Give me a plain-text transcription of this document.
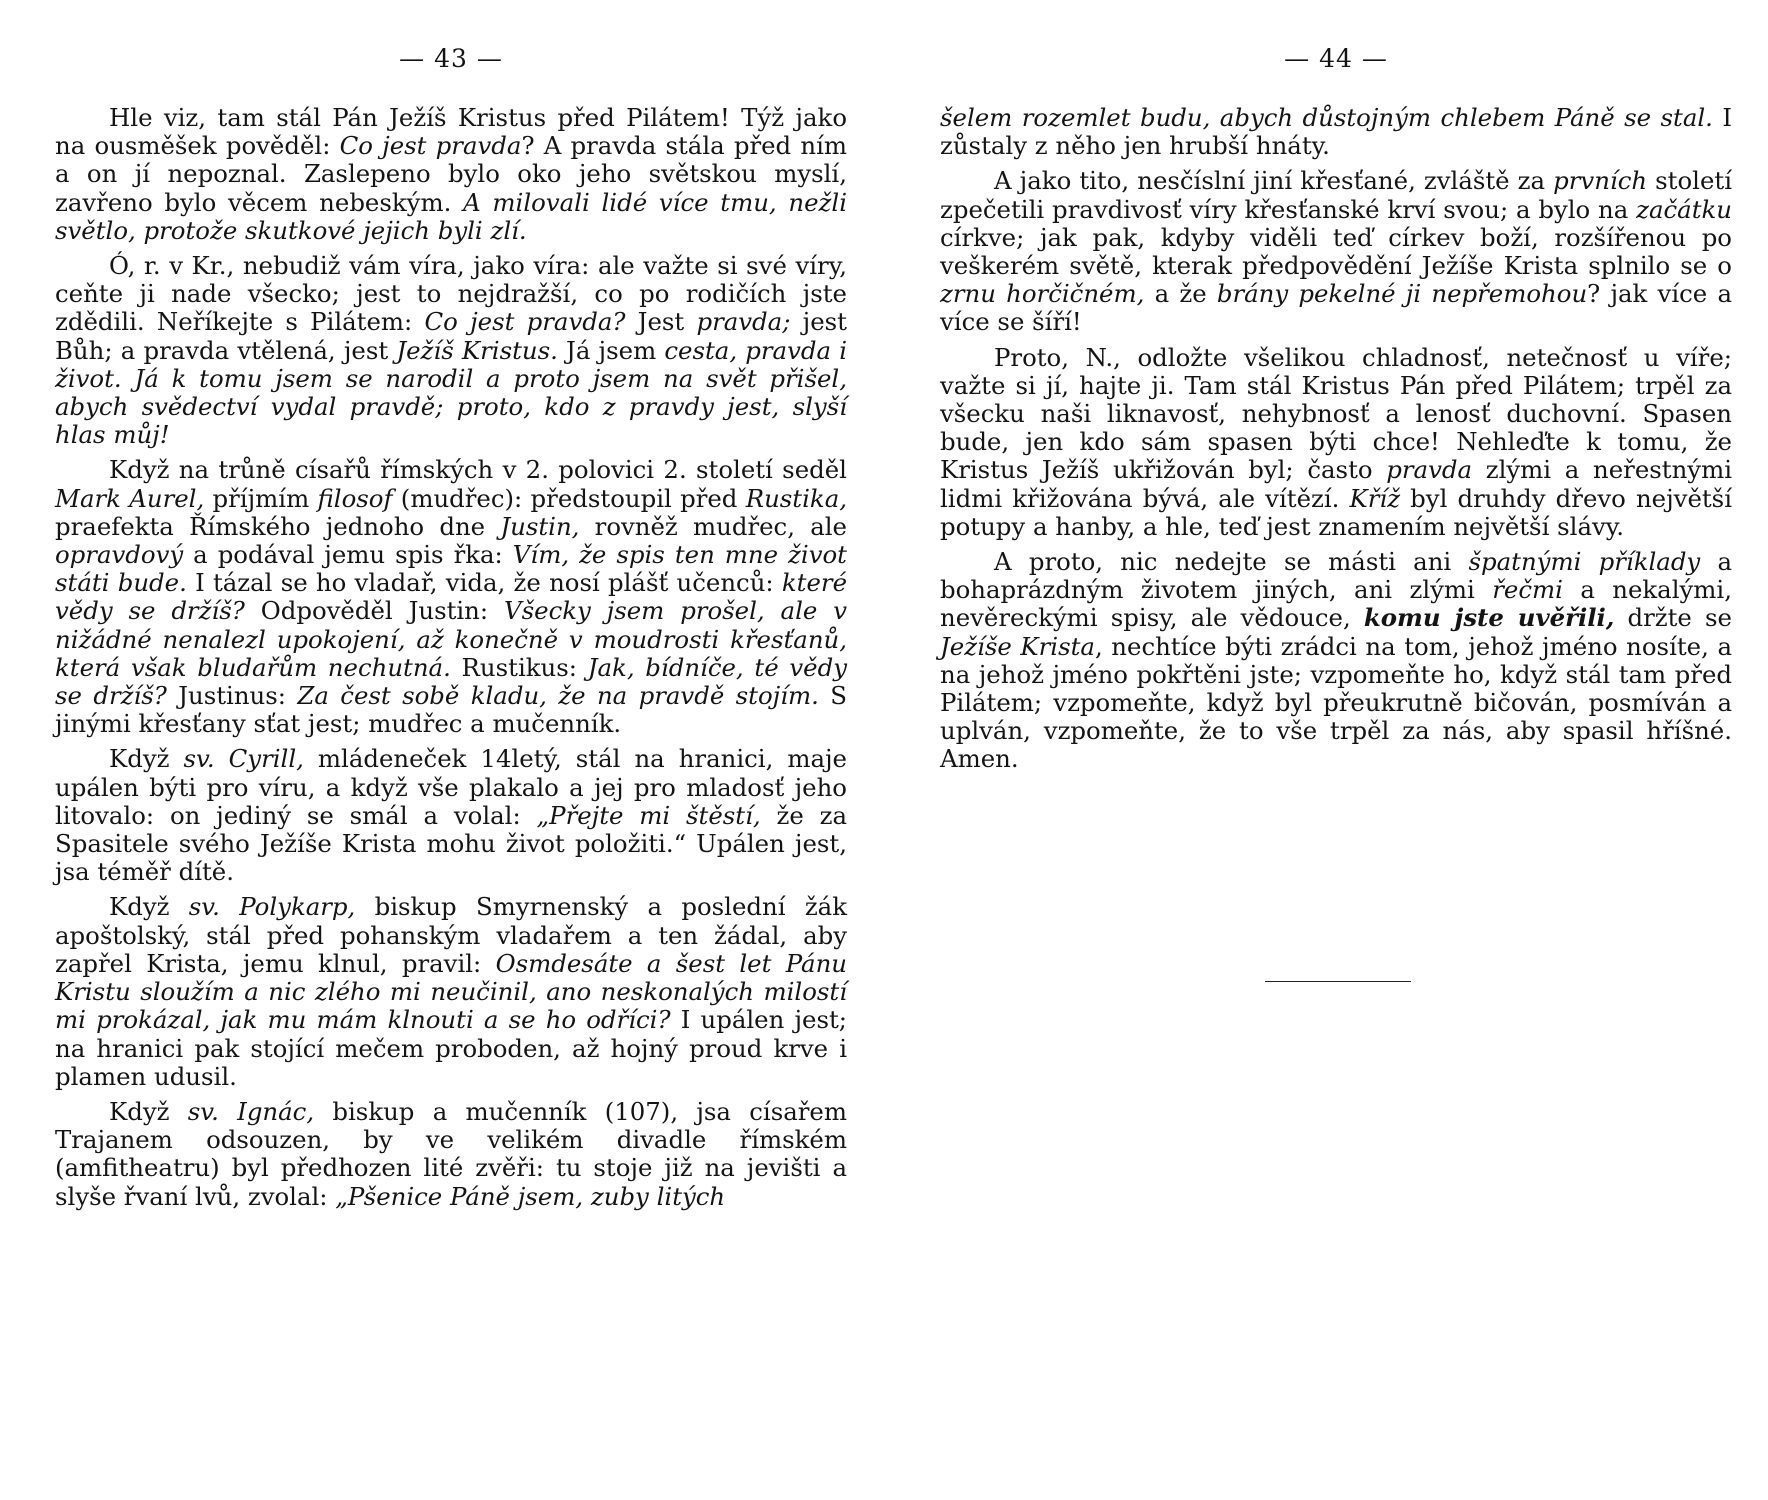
— 43 —

Hle viz, tam stál Pán Ježíš Kristus před Pilátem! Týž jako na ousměšek pověděl: Co jest pravda? A pravda stála před ním a on jí nepoznal. Zaslepeno bylo oko jeho světskou myslí, zavřeno bylo věcem nebeským. A milovali lidé více tmu, nežli světlo, protože skutkové jejich byli zlí.

Ó, r. v Kr., nebudiž vám víra, jako víra: ale važte si své víry, ceňte ji nade všecko; jest to nejdražší, co po rodičích jste zdědili. Neříkejte s Pilátem: Co jest pravda? Jest pravda; jest Bůh; a pravda vtělená, jest Ježíš Kristus. Já jsem cesta, pravda i život. Já k tomu jsem se narodil a proto jsem na svět přišel, abych svědectví vydal pravdě; proto, kdo z pravdy jest, slyší hlas můj!

Když na trůně císařů římských v 2. polovici 2. století seděl Mark Aurel, příjmím filosof (mudřec): předstoupil před Rustika, praefekta Římského jednoho dne Justin, rovněž mudřec, ale opravdový a podával jemu spis řka: Vím, že spis ten mne život státi bude. I tázal se ho vladař, vida, že nosí plášť učenců: které vědy se držíš? Odpověděl Justin: Všecky jsem prošel, ale v nižádné nenalezl upokojení, až konečně v moudrosti křesťanů, která však bludařům nechutná. Rustikus: Jak, bídníče, té vědy se držíš? Justinus: Za čest sobě kladu, že na pravdě stojím. S jinými křesťany sťat jest; mudřec a mučenník.

Když sv. Cyrill, mládeneček 14letý, stál na hranici, maje upálen býti pro víru, a když vše plakalo a jej pro mladosť jeho litovalo: on jediný se smál a volal: „Přejte mi štěstí, že za Spasitele svého Ježíše Krista mohu život položiti.“ Upálen jest, jsa téměř dítě.

Když sv. Polykarp, biskup Smyrnenský a poslední žák apoštolský, stál před pohanským vladařem a ten žádal, aby zapřel Krista, jemu klnul, pravil: Osmdesáte a šest let Pánu Kristu sloužím a nic zlého mi neučinil, ano neskonalých milostí mi prokázal, jak mu mám klnouti a se ho odříci? I upálen jest; na hranici pak stojící mečem proboden, až hojný proud krve i plamen udusil.

Když sv. Ignác, biskup a mučenník (107), jsa císařem Trajanem odsouzen, by ve velikém divadle římském (amfitheatru) byl předhozen lité zvěři: tu stoje již na jevišti a slyše řvaní lvů, zvolal: „Pšenice Páně jsem, zuby litých

— 44 —

šelem rozemlet budu, abych důstojným chlebem Páně se stal. I zůstaly z něho jen hrubší hnáty.

A jako tito, nesčíslní jiní křesťané, zvláště za prvních století zpečetili pravdivosť víry křesťanské krví svou; a bylo na začátku církve; jak pak, kdyby viděli teď církev boží, rozšířenou po veškerém světě, kterak předpovědění Ježíše Krista splnilo se o zrnu horčičném, a že brány pekelné ji nepřemohou? jak více a více se šíří!

Proto, N., odložte všelikou chladnosť, netečnosť u víře; važte si jí, hajte ji. Tam stál Kristus Pán před Pilátem; trpěl za všecku naši liknavosť, nehybnosť a lenosť duchovní. Spasen bude, jen kdo sám spasen býti chce! Nehleďte k tomu, že Kristus Ježíš ukřižován byl; často pravda zlými a neřestnými lidmi křižována bývá, ale vítězí. Kříž byl druhdy dřevo největší potupy a hanby, a hle, teď jest znamením největší slávy.

A proto, nic nedejte se másti ani špatnými příklady a bohaprázdným životem jiných, ani zlými řečmi a nekalými, nevěreckými spisy, ale vědouce, komu jste uvěřili, držte se Ježíše Krista, nechtíce býti zrádci na tom, jehož jméno nosíte, a na jehož jméno pokřtěni jste; vzpomeňte ho, když stál tam před Pilátem; vzpomeňte, když byl přeukrutně bičován, posmíván a uplván, vzpomeňte, že to vše trpěl za nás, aby spasil hříšné. Amen.
